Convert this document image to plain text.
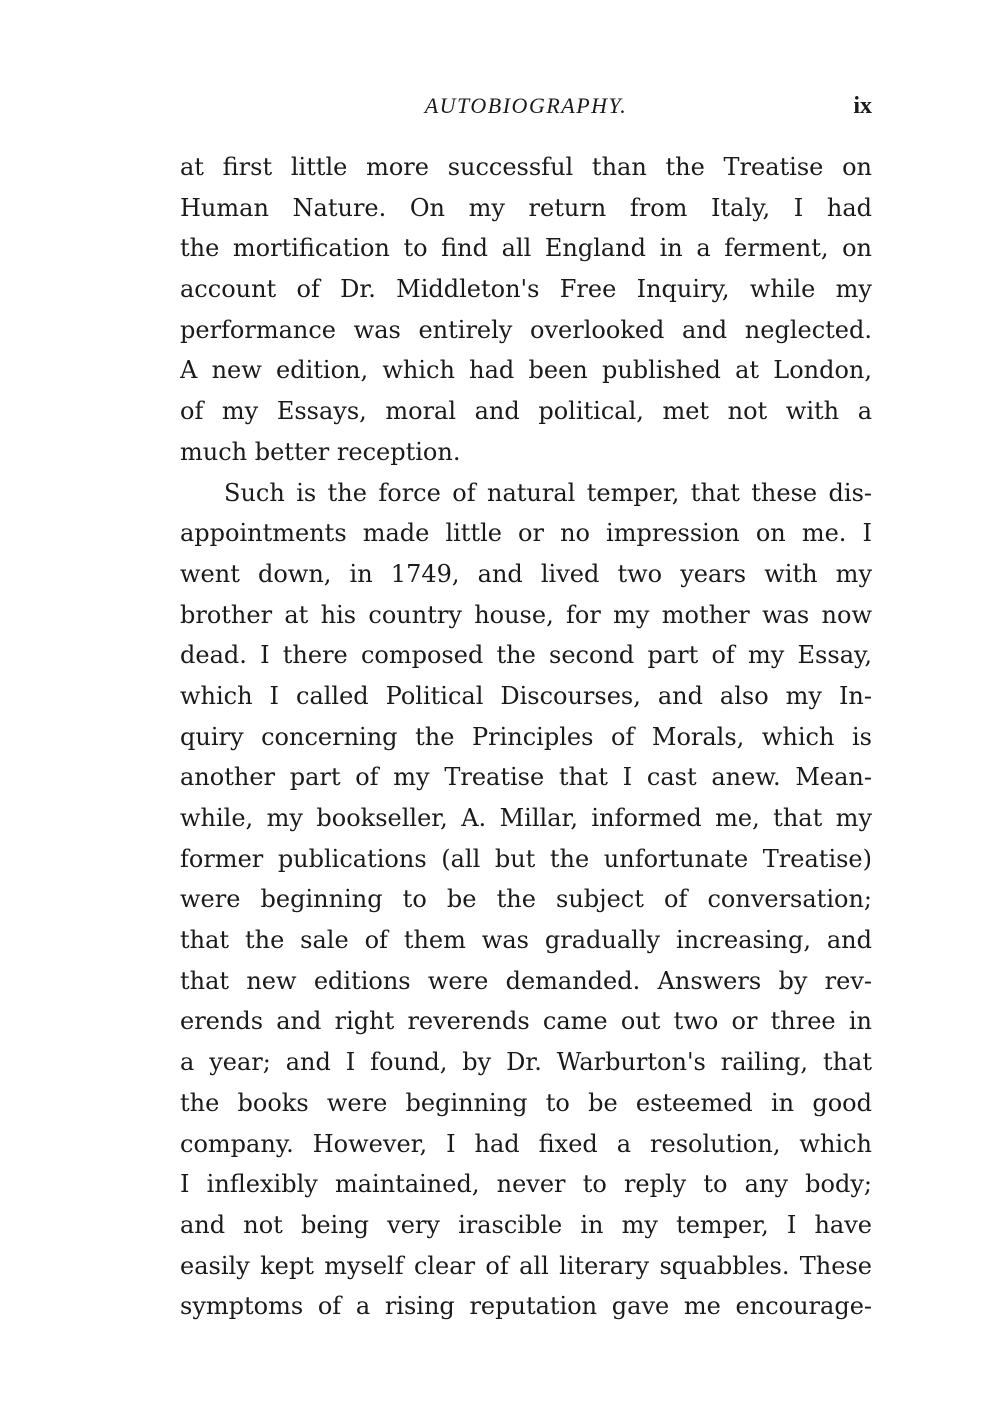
AUTOBIOGRAPHY.	ix
at first little more successful than the Treatise on
Human Nature. On my return from Italy, I had
the mortification to find all England in a ferment, on
account of Dr. Middleton's Free Inquiry, while my
performance was entirely overlooked and neglected.
A new edition, which had been published at London,
of my Essays, moral and political, met not with a
much better reception.
Such is the force of natural temper, that these dis-
appointments made little or no impression on me. I
went down, in 1749, and lived two years with my
brother at his country house, for my mother was now
dead. I there composed the second part of my Essay,
which I called Political Discourses, and also my In-
quiry concerning the Principles of Morals, which is
another part of my Treatise that I cast anew. Mean-
while, my bookseller, A. Millar, informed me, that my
former publications (all but the unfortunate Treatise)
were beginning to be the subject of conversation;
that the sale of them was gradually increasing, and
that new editions were demanded. Answers by rev-
erends and right reverends came out two or three in
a year; and I found, by Dr. Warburton's railing, that
the books were beginning to be esteemed in good
company. However, I had fixed a resolution, which
I inflexibly maintained, never to reply to any body;
and not being very irascible in my temper, I have
easily kept myself clear of all literary squabbles. These
symptoms of a rising reputation gave me encourage-
